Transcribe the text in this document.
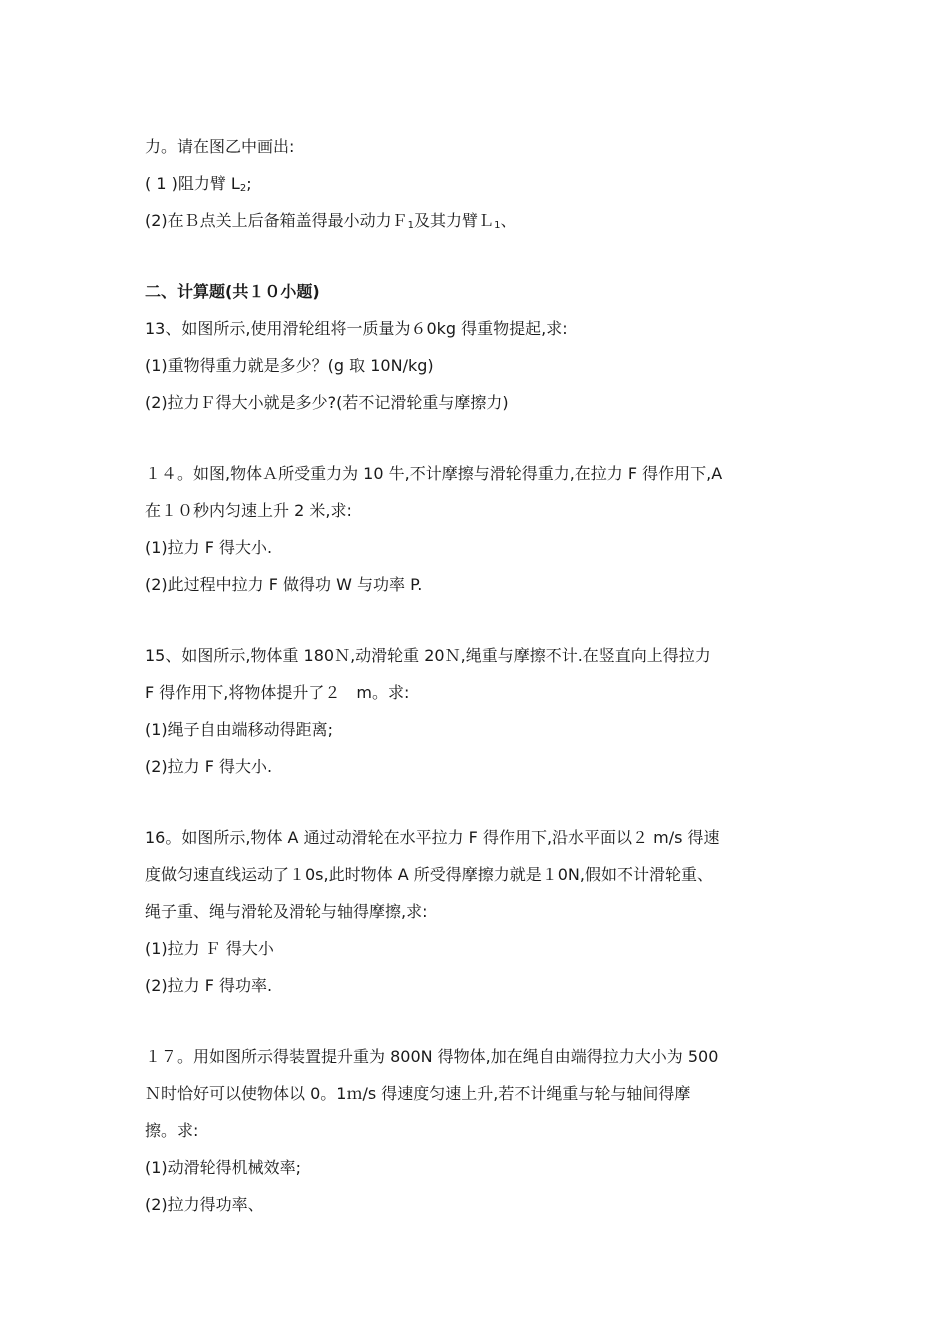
力。请在图乙中画出:

( 1 )阻力臂 $L_2$;

(2)在Ｂ点关上后备箱盖得最小动力Ｆ1及其力臂Ｌ1、

二、计算题(共１０小题)

13、如图所示,使用滑轮组将一质量为６0kg 得重物提起,求:

(1)重物得重力就是多少？(g 取 10N/kg)

(2)拉力Ｆ得大小就是多少?(若不记滑轮重与摩擦力)

１４。如图,物体Ａ所受重力为 10 牛,不计摩擦与滑轮得重力,在拉力 F 得作用下,A

在１０秒内匀速上升 2 米,求:

(1)拉力 F 得大小.

(2)此过程中拉力 F 做得功 W 与功率 P.

15、如图所示,物体重 180Ｎ,动滑轮重 20Ｎ,绳重与摩擦不计.在竖直向上得拉力

F 得作用下,将物体提升了２　m。求:

(1)绳子自由端移动得距离;

(2)拉力 F 得大小.

16。如图所示,物体 A 通过动滑轮在水平拉力 F 得作用下,沿水平面以２ m/s 得速

度做匀速直线运动了１0s,此时物体 A 所受得摩擦力就是１0N,假如不计滑轮重、

绳子重、绳与滑轮及滑轮与轴得摩擦,求:

(1)拉力 Ｆ 得大小

(2)拉力 F 得功率.

１７。用如图所示得装置提升重为 800N 得物体,加在绳自由端得拉力大小为 500

Ｎ时恰好可以使物体以 0。1ｍ/s 得速度匀速上升,若不计绳重与轮与轴间得摩

擦。求:

(1)动滑轮得机械效率;

(2)拉力得功率、
